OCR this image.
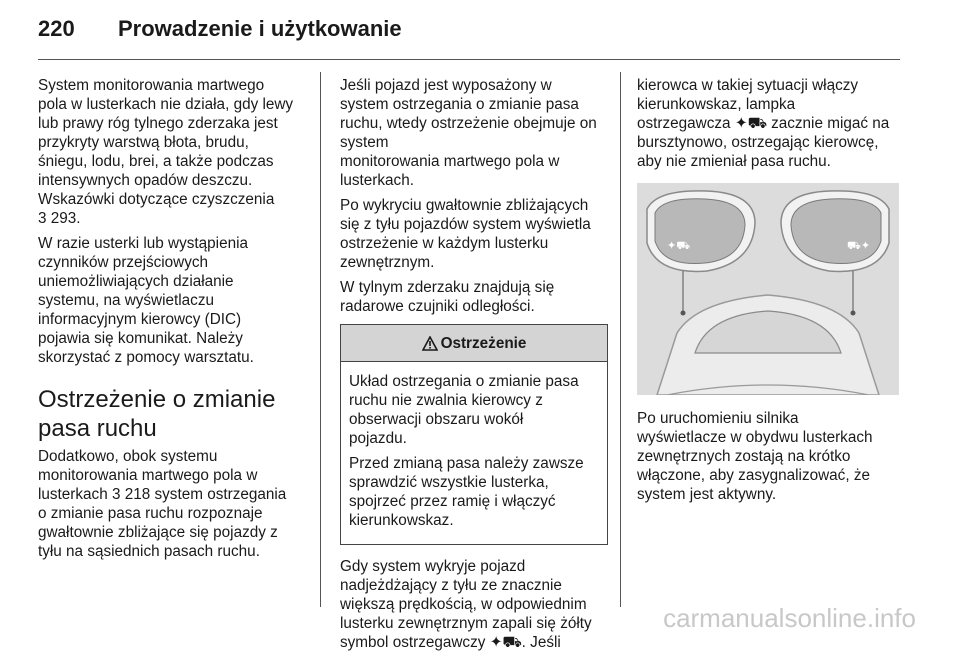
220 Prowadzenie i użytkowanie

System monitorowania martwego
pola w lusterkach nie działa, gdy lewy
lub prawy róg tylnego zderzaka jest
przykryty warstwą błota, brudu,
śniegu, lodu, brei, a także podczas
intensywnych opadów deszczu.
Wskazówki dotyczące czyszczenia
3 293.

W razie usterki lub wystąpienia
czynników przejściowych
uniemożliwiających działanie
systemu, na wyświetlaczu
informacyjnym kierowcy (DIC)
pojawia się komunikat. Należy
skorzystać z pomocy warsztatu.

Ostrzeżenie o zmianie
pasa ruchu

Dodatkowo, obok systemu
monitorowania martwego pola w
lusterkach 3 218 system ostrzegania
o zmianie pasa ruchu rozpoznaje
gwałtownie zbliżające się pojazdy z
tyłu na sąsiednich pasach ruchu.

Jeśli pojazd jest wyposażony w
system ostrzegania o zmianie pasa
ruchu, wtedy ostrzeżenie obejmuje on system
monitorowania martwego pola w
lusterkach.

Po wykryciu gwałtownie zbliżających
się z tyłu pojazdów system wyświetla
ostrzeżenie w każdym lusterku
zewnętrznym.

W tylnym zderzaku znajdują się
radarowe czujniki odległości.

Ostrzeżenie

Układ ostrzegania o zmianie pasa
ruchu nie zwalnia kierowcy z
obserwacji obszaru wokół
pojazdu.

Przed zmianą pasa należy zawsze
sprawdzić wszystkie lusterka,
spojrzeć przez ramię i włączyć
kierunkowskaz.

Gdy system wykryje pojazd
nadjeżdżający z tyłu ze znacznie
większą prędkością, w odpowiednim
lusterku zewnętrznym zapali się żółty
symbol ostrzegawczy ✦⛟. Jeśli

kierowca w takiej sytuacji włączy
kierunkowskaz, lampka
ostrzegawcza ✦⛟ zacznie migać na
bursztynowo, ostrzegając kierowcę,
aby nie zmieniał pasa ruchu.

✦⛟	⛟✦

Po uruchomieniu silnika
wyświetlacze w obydwu lusterkach
zewnętrznych zostają na krótko
włączone, aby zasygnalizować, że
system jest aktywny.

carmanualsonline.info
